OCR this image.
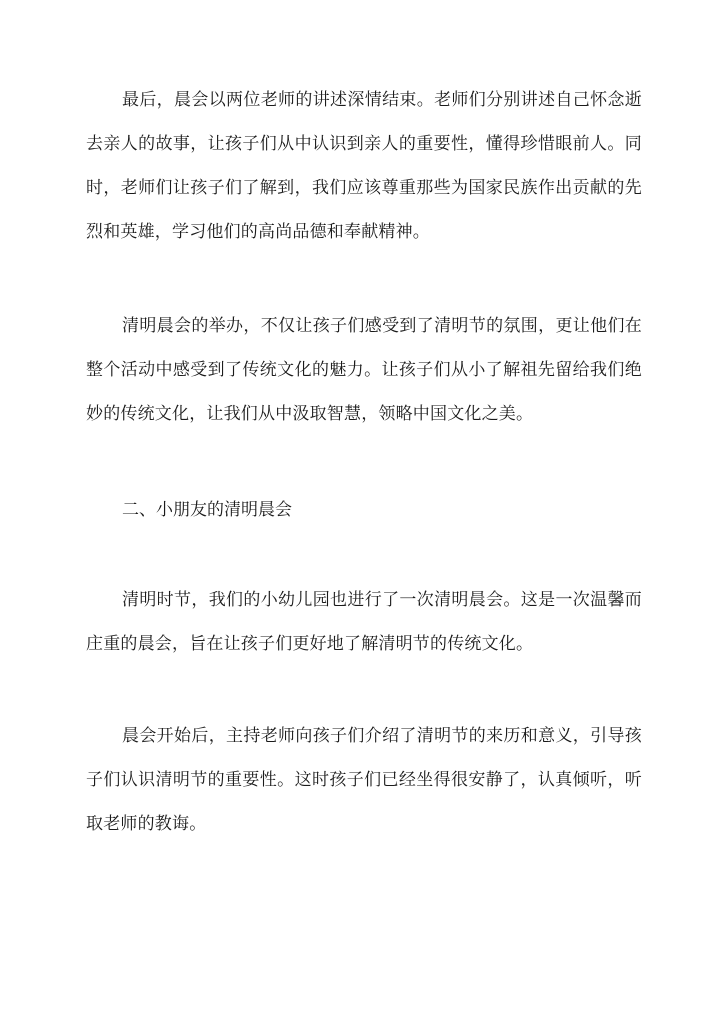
最后，晨会以两位老师的讲述深情结束。老师们分别讲述自己怀念逝去亲人的故事，让孩子们从中认识到亲人的重要性，懂得珍惜眼前人。同时，老师们让孩子们了解到，我们应该尊重那些为国家民族作出贡献的先烈和英雄，学习他们的高尚品德和奉献精神。

清明晨会的举办，不仅让孩子们感受到了清明节的氛围，更让他们在整个活动中感受到了传统文化的魅力。让孩子们从小了解祖先留给我们绝妙的传统文化，让我们从中汲取智慧，领略中国文化之美。

二、小朋友的清明晨会

清明时节，我们的小幼儿园也进行了一次清明晨会。这是一次温馨而庄重的晨会，旨在让孩子们更好地了解清明节的传统文化。

晨会开始后，主持老师向孩子们介绍了清明节的来历和意义，引导孩子们认识清明节的重要性。这时孩子们已经坐得很安静了，认真倾听，听取老师的教诲。
